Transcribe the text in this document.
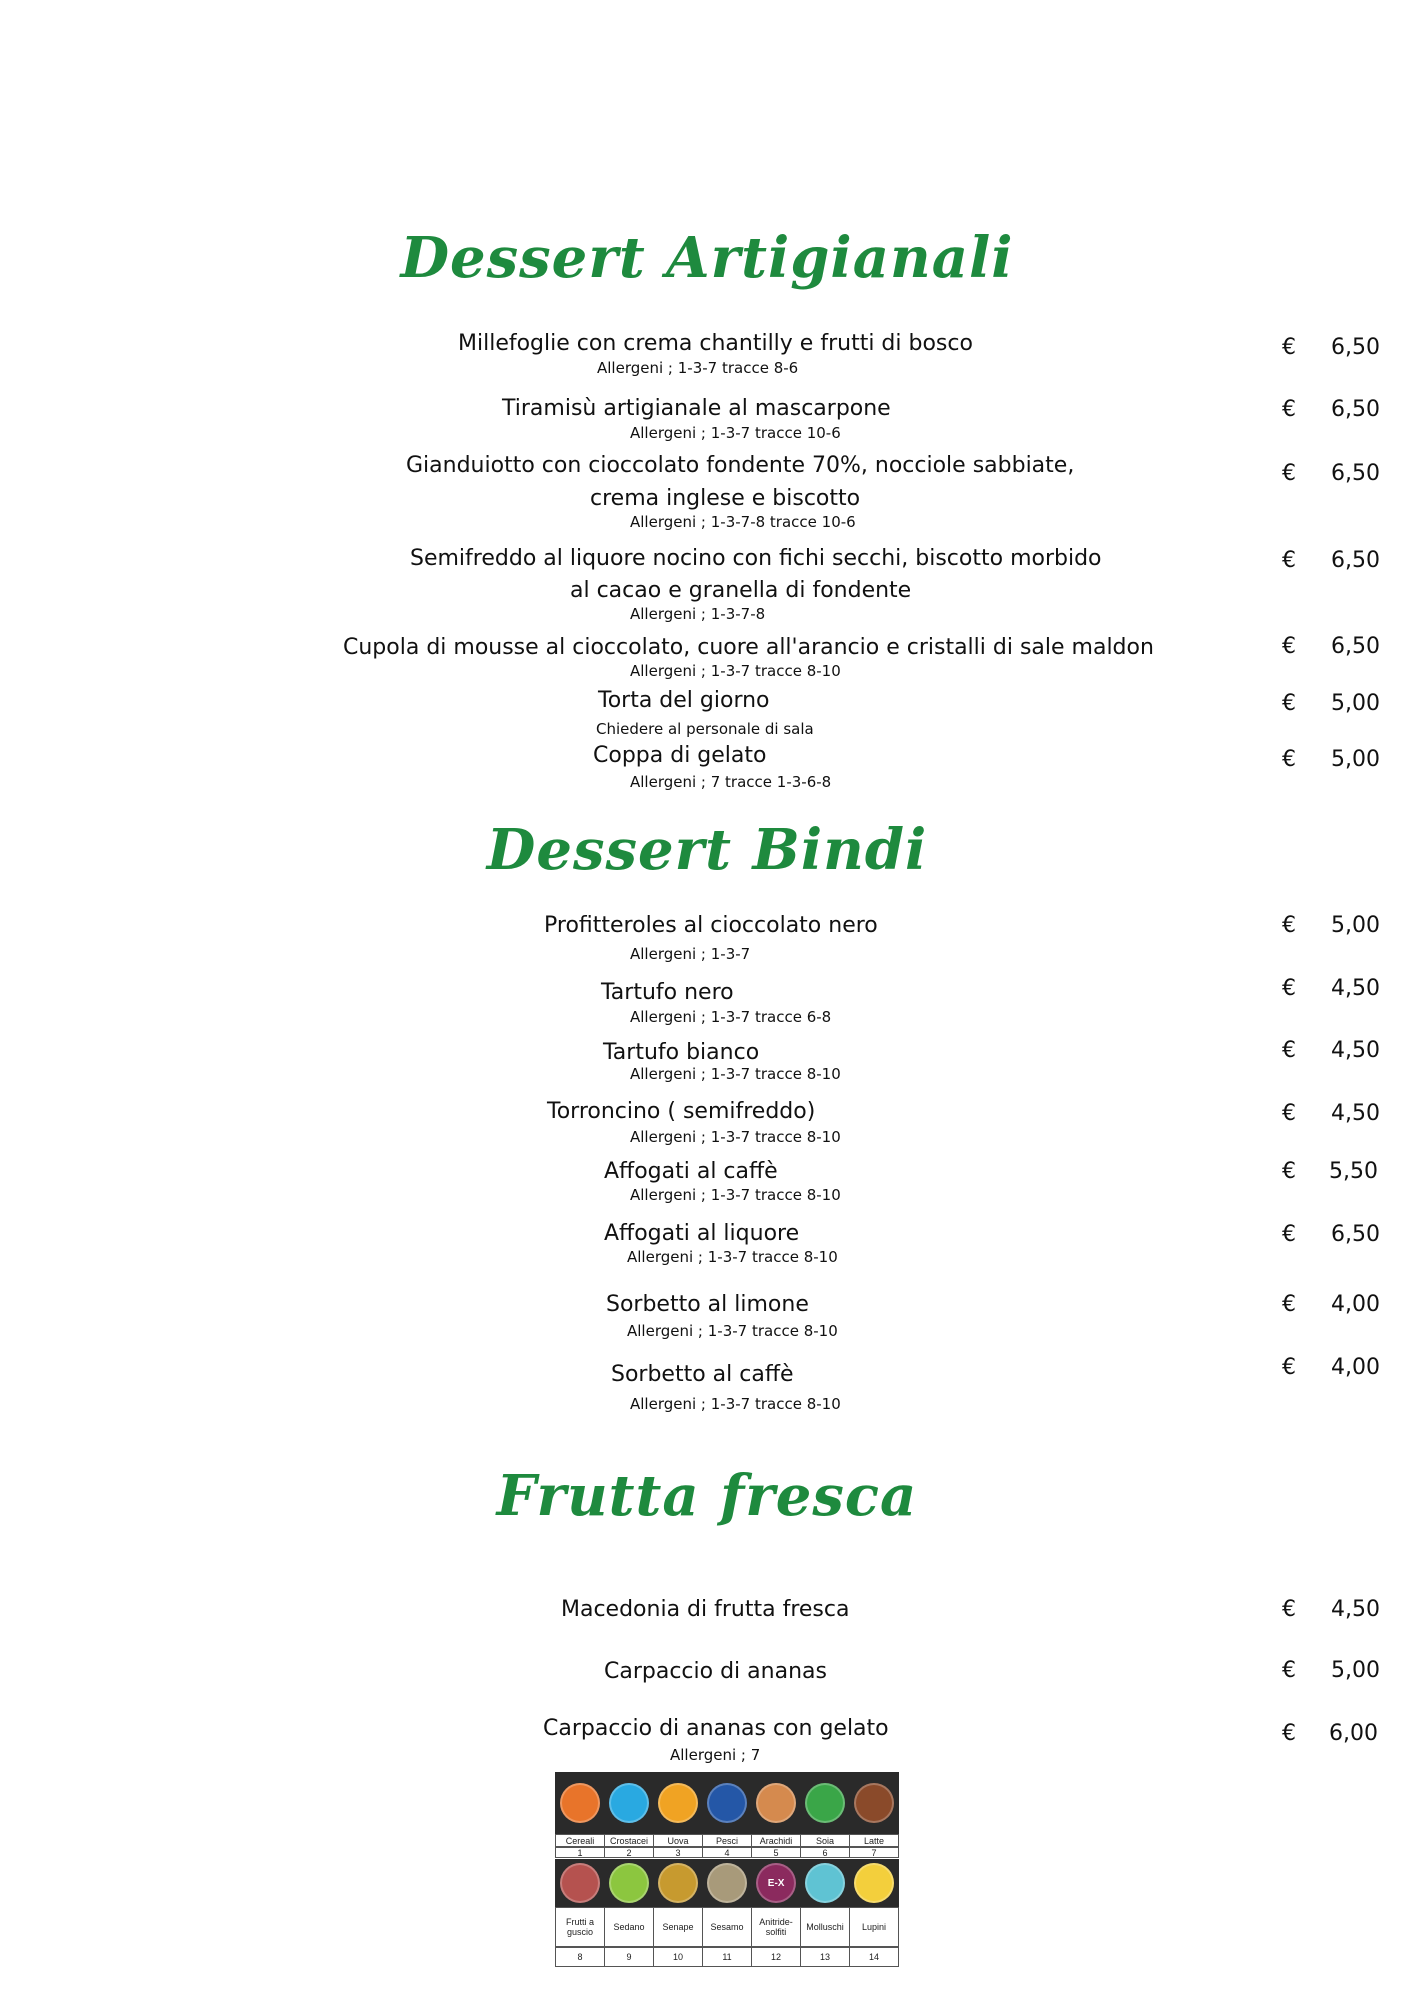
Dessert Artigianali
Dessert Bindi
Frutta fresca
Millefoglie con crema chantilly e frutti di bosco
Allergeni ; 1-3-7 tracce 8-6
€	6,50
Tiramisù artigianale al mascarpone
Allergeni ; 1-3-7 tracce 10-6
€	6,50
Gianduiotto con cioccolato fondente 70%, nocciole sabbiate,
crema inglese e biscotto
Allergeni ; 1-3-7-8 tracce 10-6
€	6,50
Semifreddo al liquore nocino con fichi secchi, biscotto morbido
al cacao e granella di fondente
Allergeni ; 1-3-7-8
€	6,50
Cupola di mousse al cioccolato, cuore all'arancio e cristalli di sale maldon
Allergeni ; 1-3-7 tracce 8-10
€	6,50
Torta del giorno
Chiedere al personale di sala
€	5,00
Coppa di gelato
Allergeni ; 7 tracce 1-3-6-8
€	5,00
Profitteroles al cioccolato nero
Allergeni ; 1-3-7
€	5,00
Tartufo nero
Allergeni ; 1-3-7 tracce 6-8
€	4,50
Tartufo bianco
Allergeni ; 1-3-7 tracce 8-10
€	4,50
Torroncino ( semifreddo)
Allergeni ; 1-3-7 tracce 8-10
€	4,50
Affogati al caffè
Allergeni ; 1-3-7 tracce 8-10
€	5,50
Affogati al liquore
Allergeni ; 1-3-7 tracce 8-10
€	6,50
Sorbetto al limone
Allergeni ; 1-3-7 tracce 8-10
€	4,00
Sorbetto al caffè
Allergeni ; 1-3-7 tracce 8-10
€	4,00
Macedonia di frutta fresca	€	4,50
Carpaccio di ananas	€	5,00
Carpaccio di ananas con gelato
Allergeni ; 7
€	6,00
Cereali	Crostacei	Uova	Pesci	Arachidi	Soia	Latte
1	2	3	4	5	6	7
E-X
Frutti a guscio	Sedano	Senape	Sesamo	Anitride-solfiti	Molluschi	Lupini
8	9	10	11	12	13	14
